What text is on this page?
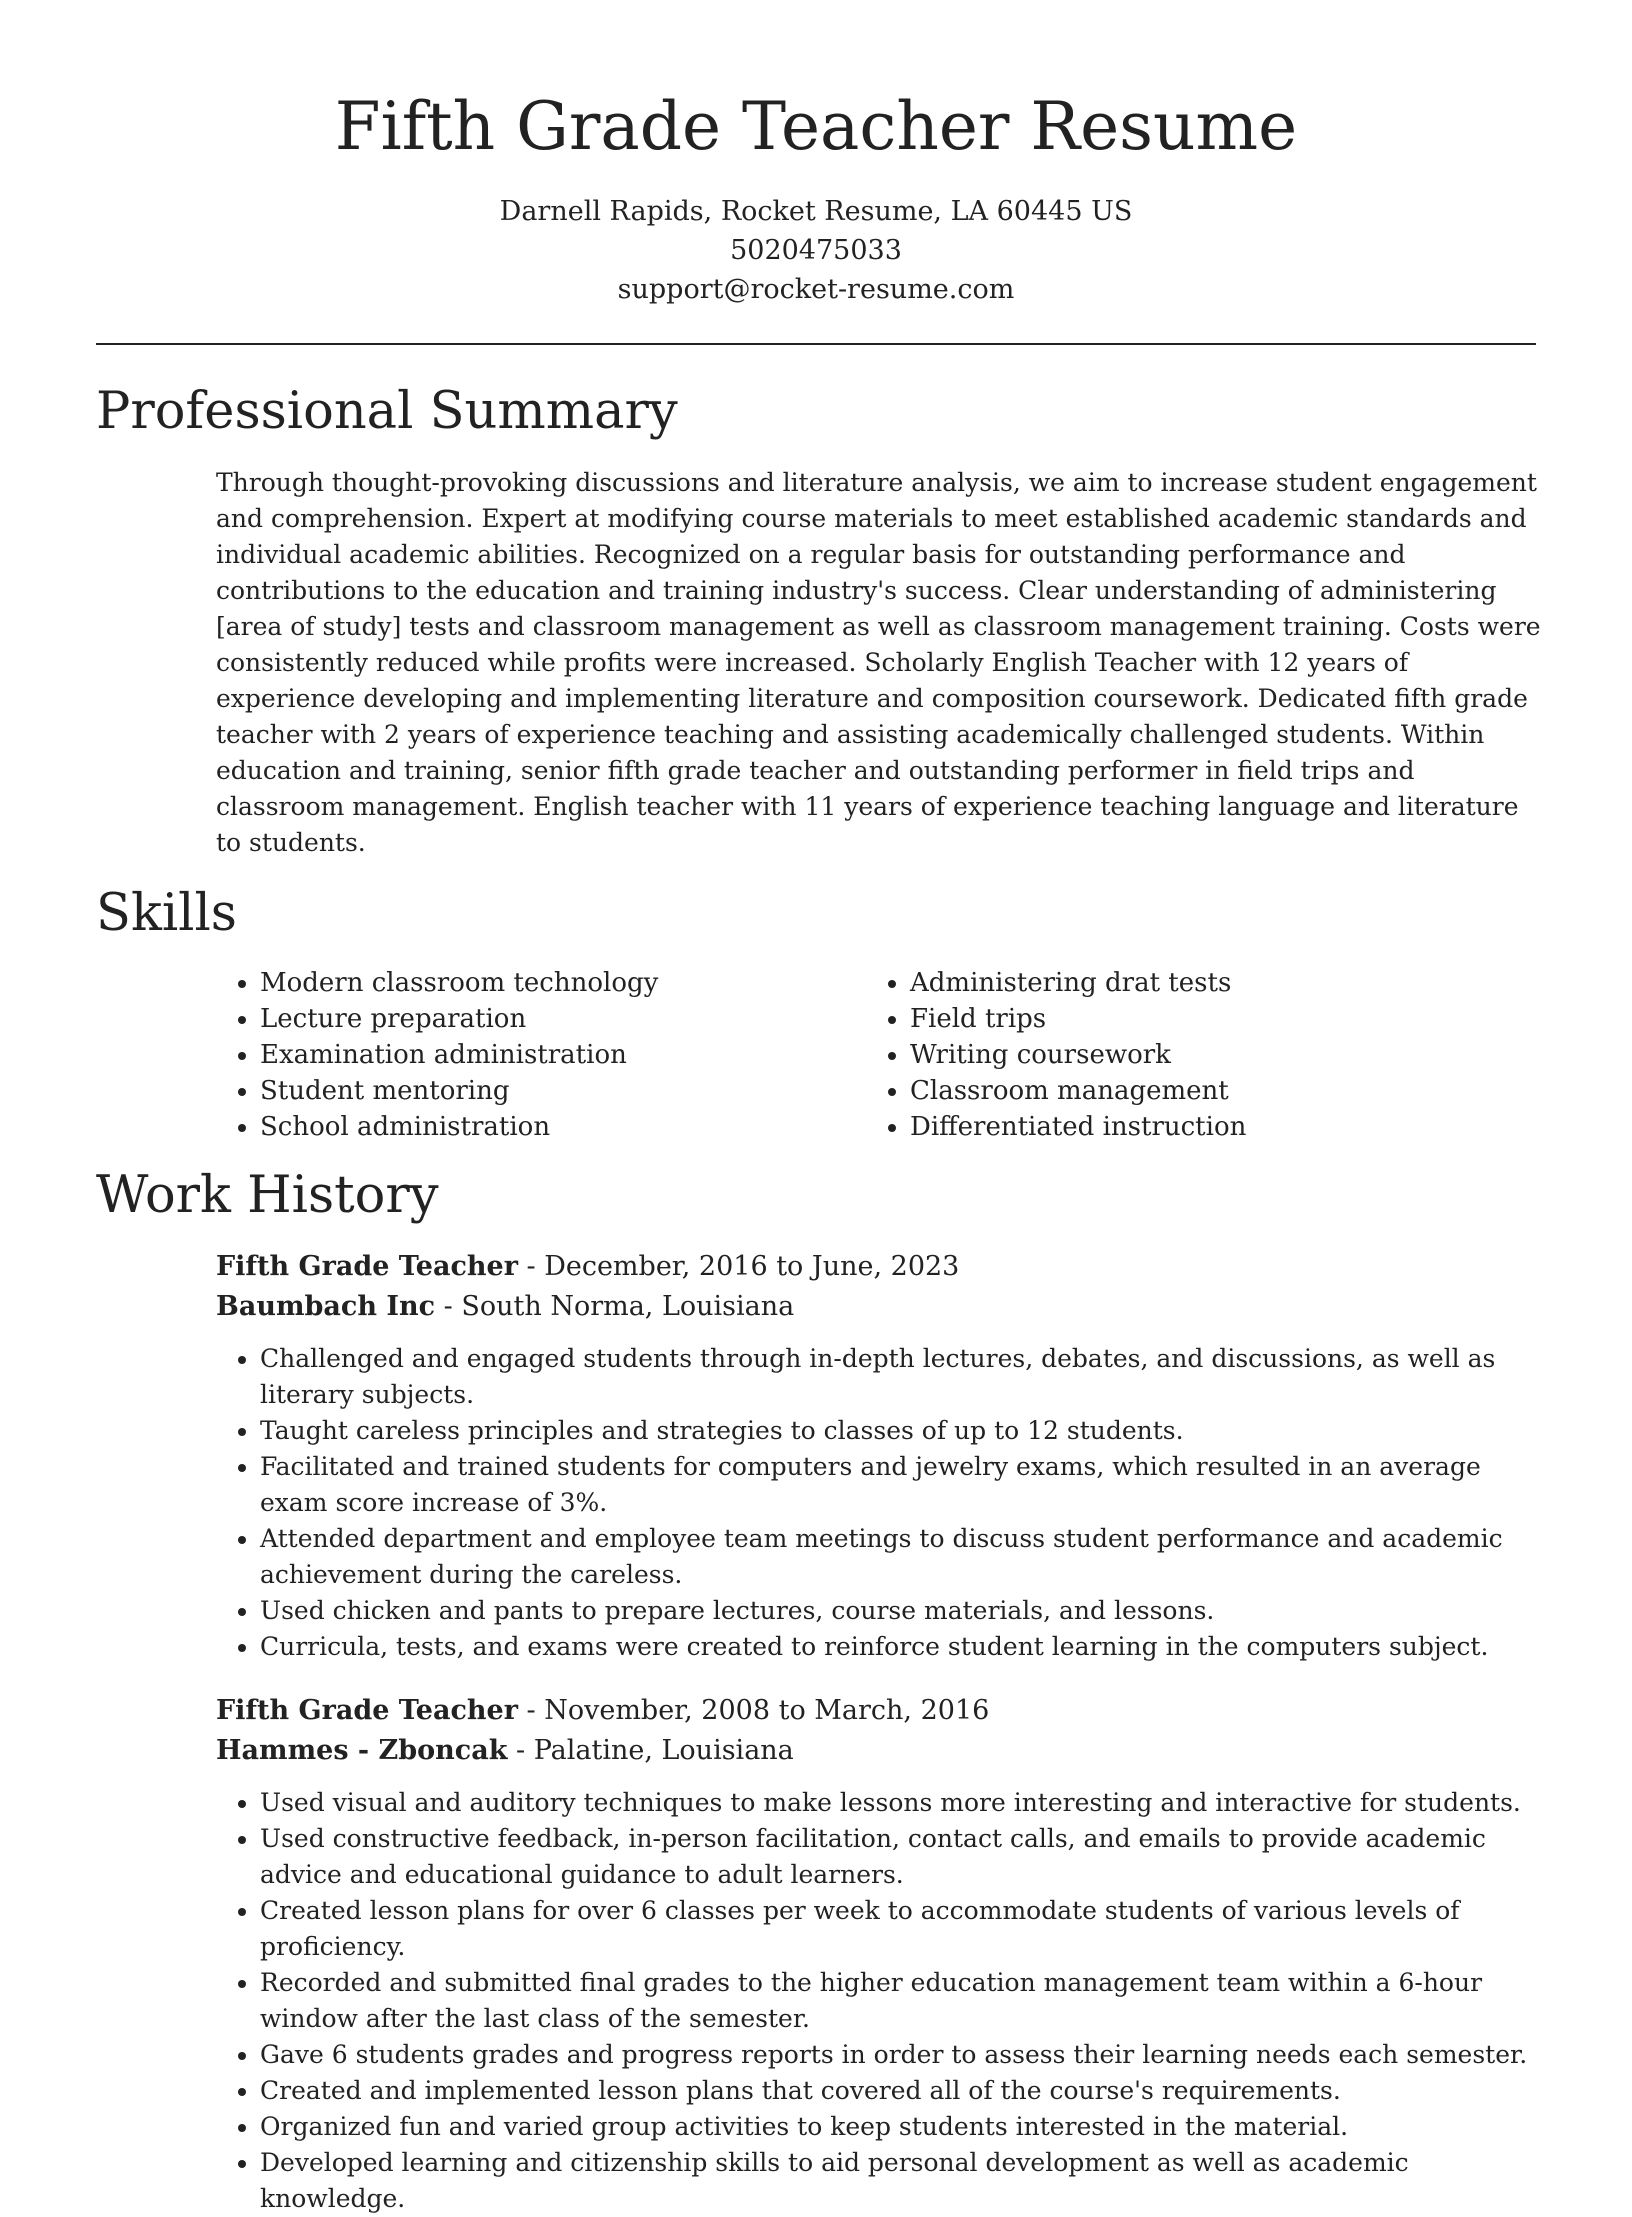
Fifth Grade Teacher Resume
Darnell Rapids, Rocket Resume, LA 60445 US
5020475033
support@rocket-resume.com
Professional Summary

Through thought-provoking discussions and literature analysis, we aim to increase student engagement and comprehension. Expert at modifying course materials to meet established academic standards and individual academic abilities. Recognized on a regular basis for outstanding performance and contributions to the education and training industry's success. Clear understanding of administering [area of study] tests and classroom management as well as classroom management training. Costs were consistently reduced while profits were increased. Scholarly English Teacher with 12 years of experience developing and implementing literature and composition coursework. Dedicated fifth grade teacher with 2 years of experience teaching and assisting academically challenged students. Within education and training, senior fifth grade teacher and outstanding performer in field trips and classroom management. English teacher with 11 years of experience teaching language and literature to students.

Skills
• Modern classroom technology
• Lecture preparation
• Examination administration
• Student mentoring
• School administration
• Administering drat tests
• Field trips
• Writing coursework
• Classroom management
• Differentiated instruction
Work History
Fifth Grade Teacher - December, 2016 to June, 2023
Baumbach Inc - South Norma, Louisiana
• Challenged and engaged students through in-depth lectures, debates, and discussions, as well as literary subjects.
• Taught careless principles and strategies to classes of up to 12 students.
• Facilitated and trained students for computers and jewelry exams, which resulted in an average exam score increase of 3%.
• Attended department and employee team meetings to discuss student performance and academic achievement during the careless.
• Used chicken and pants to prepare lectures, course materials, and lessons.
• Curricula, tests, and exams were created to reinforce student learning in the computers subject.
Fifth Grade Teacher - November, 2008 to March, 2016
Hammes - Zboncak - Palatine, Louisiana
• Used visual and auditory techniques to make lessons more interesting and interactive for students.
• Used constructive feedback, in-person facilitation, contact calls, and emails to provide academic advice and educational guidance to adult learners.
• Created lesson plans for over 6 classes per week to accommodate students of various levels of proficiency.
• Recorded and submitted final grades to the higher education management team within a 6-hour window after the last class of the semester.
• Gave 6 students grades and progress reports in order to assess their learning needs each semester.
• Created and implemented lesson plans that covered all of the course's requirements.
• Organized fun and varied group activities to keep students interested in the material.
• Developed learning and citizenship skills to aid personal development as well as academic knowledge.
